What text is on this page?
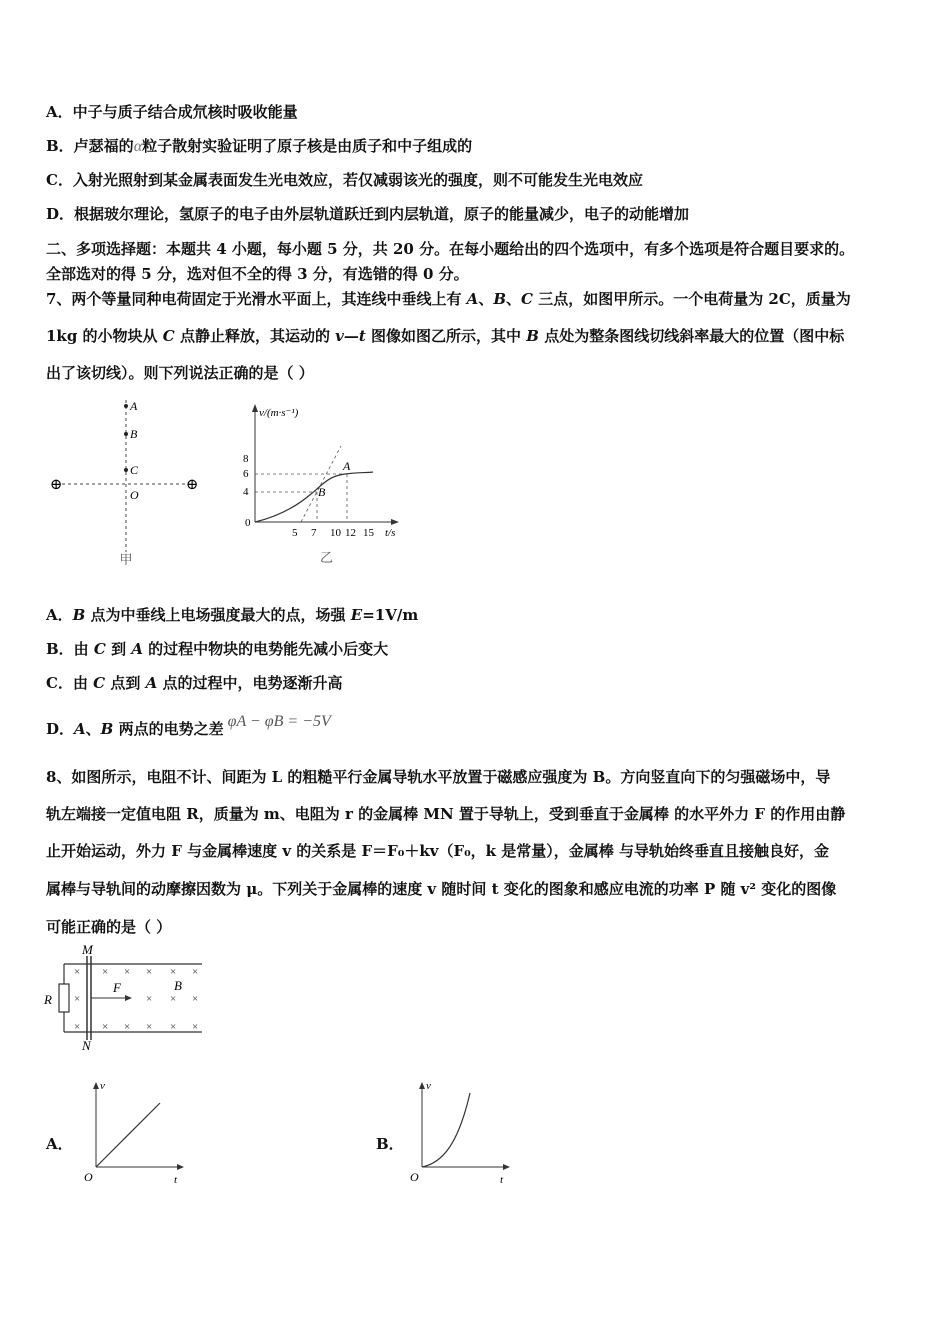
A．中子与质子结合成氘核时吸收能量
B．卢瑟福的α粒子散射实验证明了原子核是由质子和中子组成的
C．入射光照射到某金属表面发生光电效应，若仅减弱该光的强度，则不可能发生光电效应
D．根据玻尔理论，氢原子的电子由外层轨道跃迁到内层轨道，原子的能量减少，电子的动能增加
二、多项选择题：本题共 4 小题，每小题 5 分，共 20 分。在每小题给出的四个选项中，有多个选项是符合题目要求的。
全部选对的得 5 分，选对但不全的得 3 分，有选错的得 0 分。
7、两个等量同种电荷固定于光滑水平面上，其连线中垂线上有 A、B、C 三点，如图甲所示。一个电荷量为 2C，质量为
1kg 的小物块从 C 点静止释放，其运动的 v—t 图像如图乙所示，其中 B 点处为整条图线切线斜率最大的位置（图中标
出了该切线）。则下列说法正确的是（ ）
⊕	⊕
A
B
C
O
甲
v/(m·s⁻¹)
t/s
8
6
4
0
5 7 10 12 15
A
B
乙
A．B 点为中垂线上电场强度最大的点，场强 E=1V/m
B．由 C 到 A 的过程中物块的电势能先减小后变大
C．由 C 点到 A 点的过程中，电势逐渐升高
D．A、B 两点的电势之差 φA − φB = −5V
8、如图所示，电阻不计、间距为 L 的粗糙平行金属导轨水平放置于磁感应强度为 B。方向竖直向下的匀强磁场中，导
轨左端接一定值电阻 R，质量为 m、电阻为 r 的金属棒 MN 置于导轨上，受到垂直于金属棒 的水平外力 F 的作用由静
止开始运动，外力 F 与金属棒速度 v 的关系是 F＝F₀＋kv（F₀，k 是常量），金属棒 与导轨始终垂直且接触良好，金
属棒与导轨间的动摩擦因数为 μ。下列关于金属棒的速度 v 随时间 t 变化的图象和感应电流的功率 P 随 v² 变化的图像
可能正确的是（ ）
R
M
N
F	B
× × × × × ×
×	× × ×
× × × × × ×
A．
v
t
O
B．
v
t
O
